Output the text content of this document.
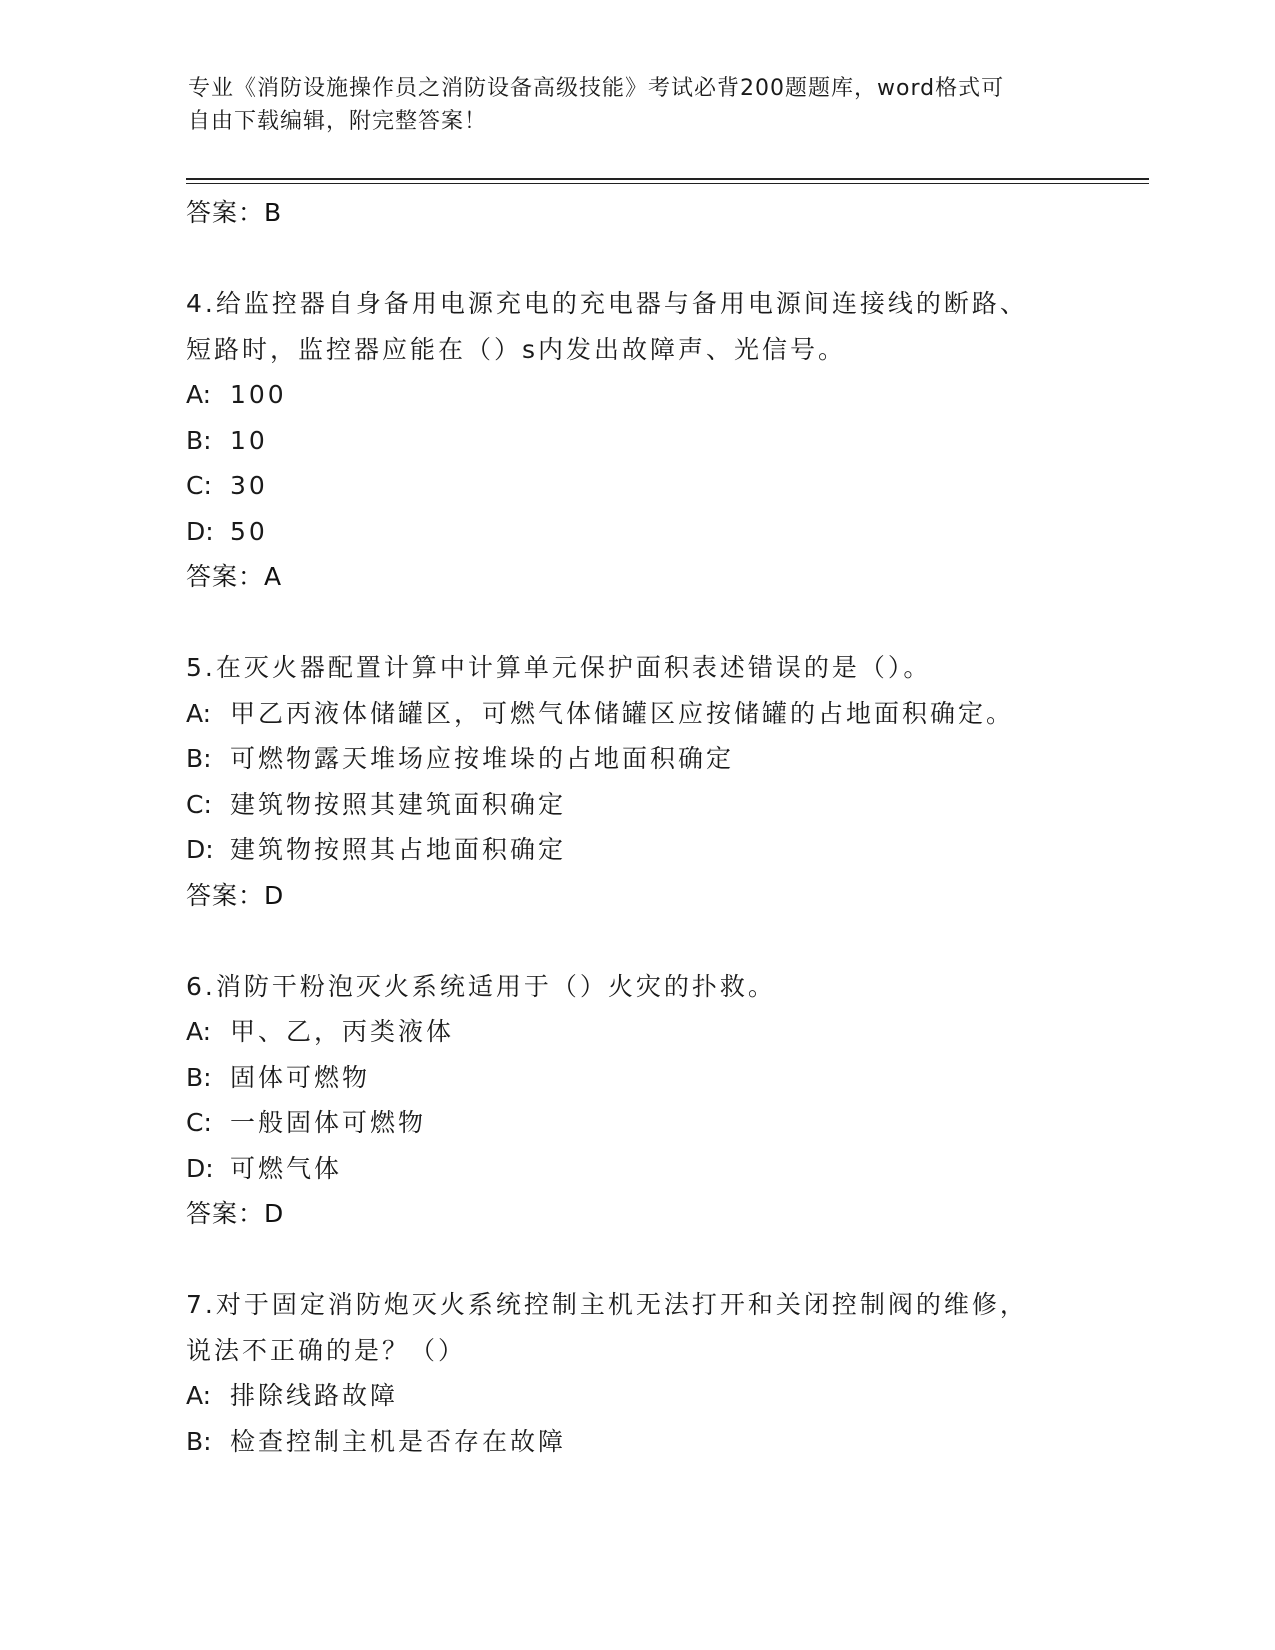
专业《消防设施操作员之消防设备高级技能》考试必背200题题库，word格式可
自由下载编辑，附完整答案！
答案：B
4.给监控器自身备用电源充电的充电器与备用电源间连接线的断路、
短路时，监控器应能在（）s内发出故障声、光信号。
A: 100
B: 10
C: 30
D: 50
答案：A
5.在灭火器配置计算中计算单元保护面积表述错误的是（）。
A: 甲乙丙液体储罐区，可燃气体储罐区应按储罐的占地面积确定。
B: 可燃物露天堆场应按堆垛的占地面积确定
C: 建筑物按照其建筑面积确定
D: 建筑物按照其占地面积确定
答案：D
6.消防干粉泡灭火系统适用于（）火灾的扑救。
A: 甲、乙，丙类液体
B: 固体可燃物
C: 一般固体可燃物
D: 可燃气体
答案：D
7.对于固定消防炮灭火系统控制主机无法打开和关闭控制阀的维修，
说法不正确的是？（）
A: 排除线路故障
B: 检查控制主机是否存在故障
